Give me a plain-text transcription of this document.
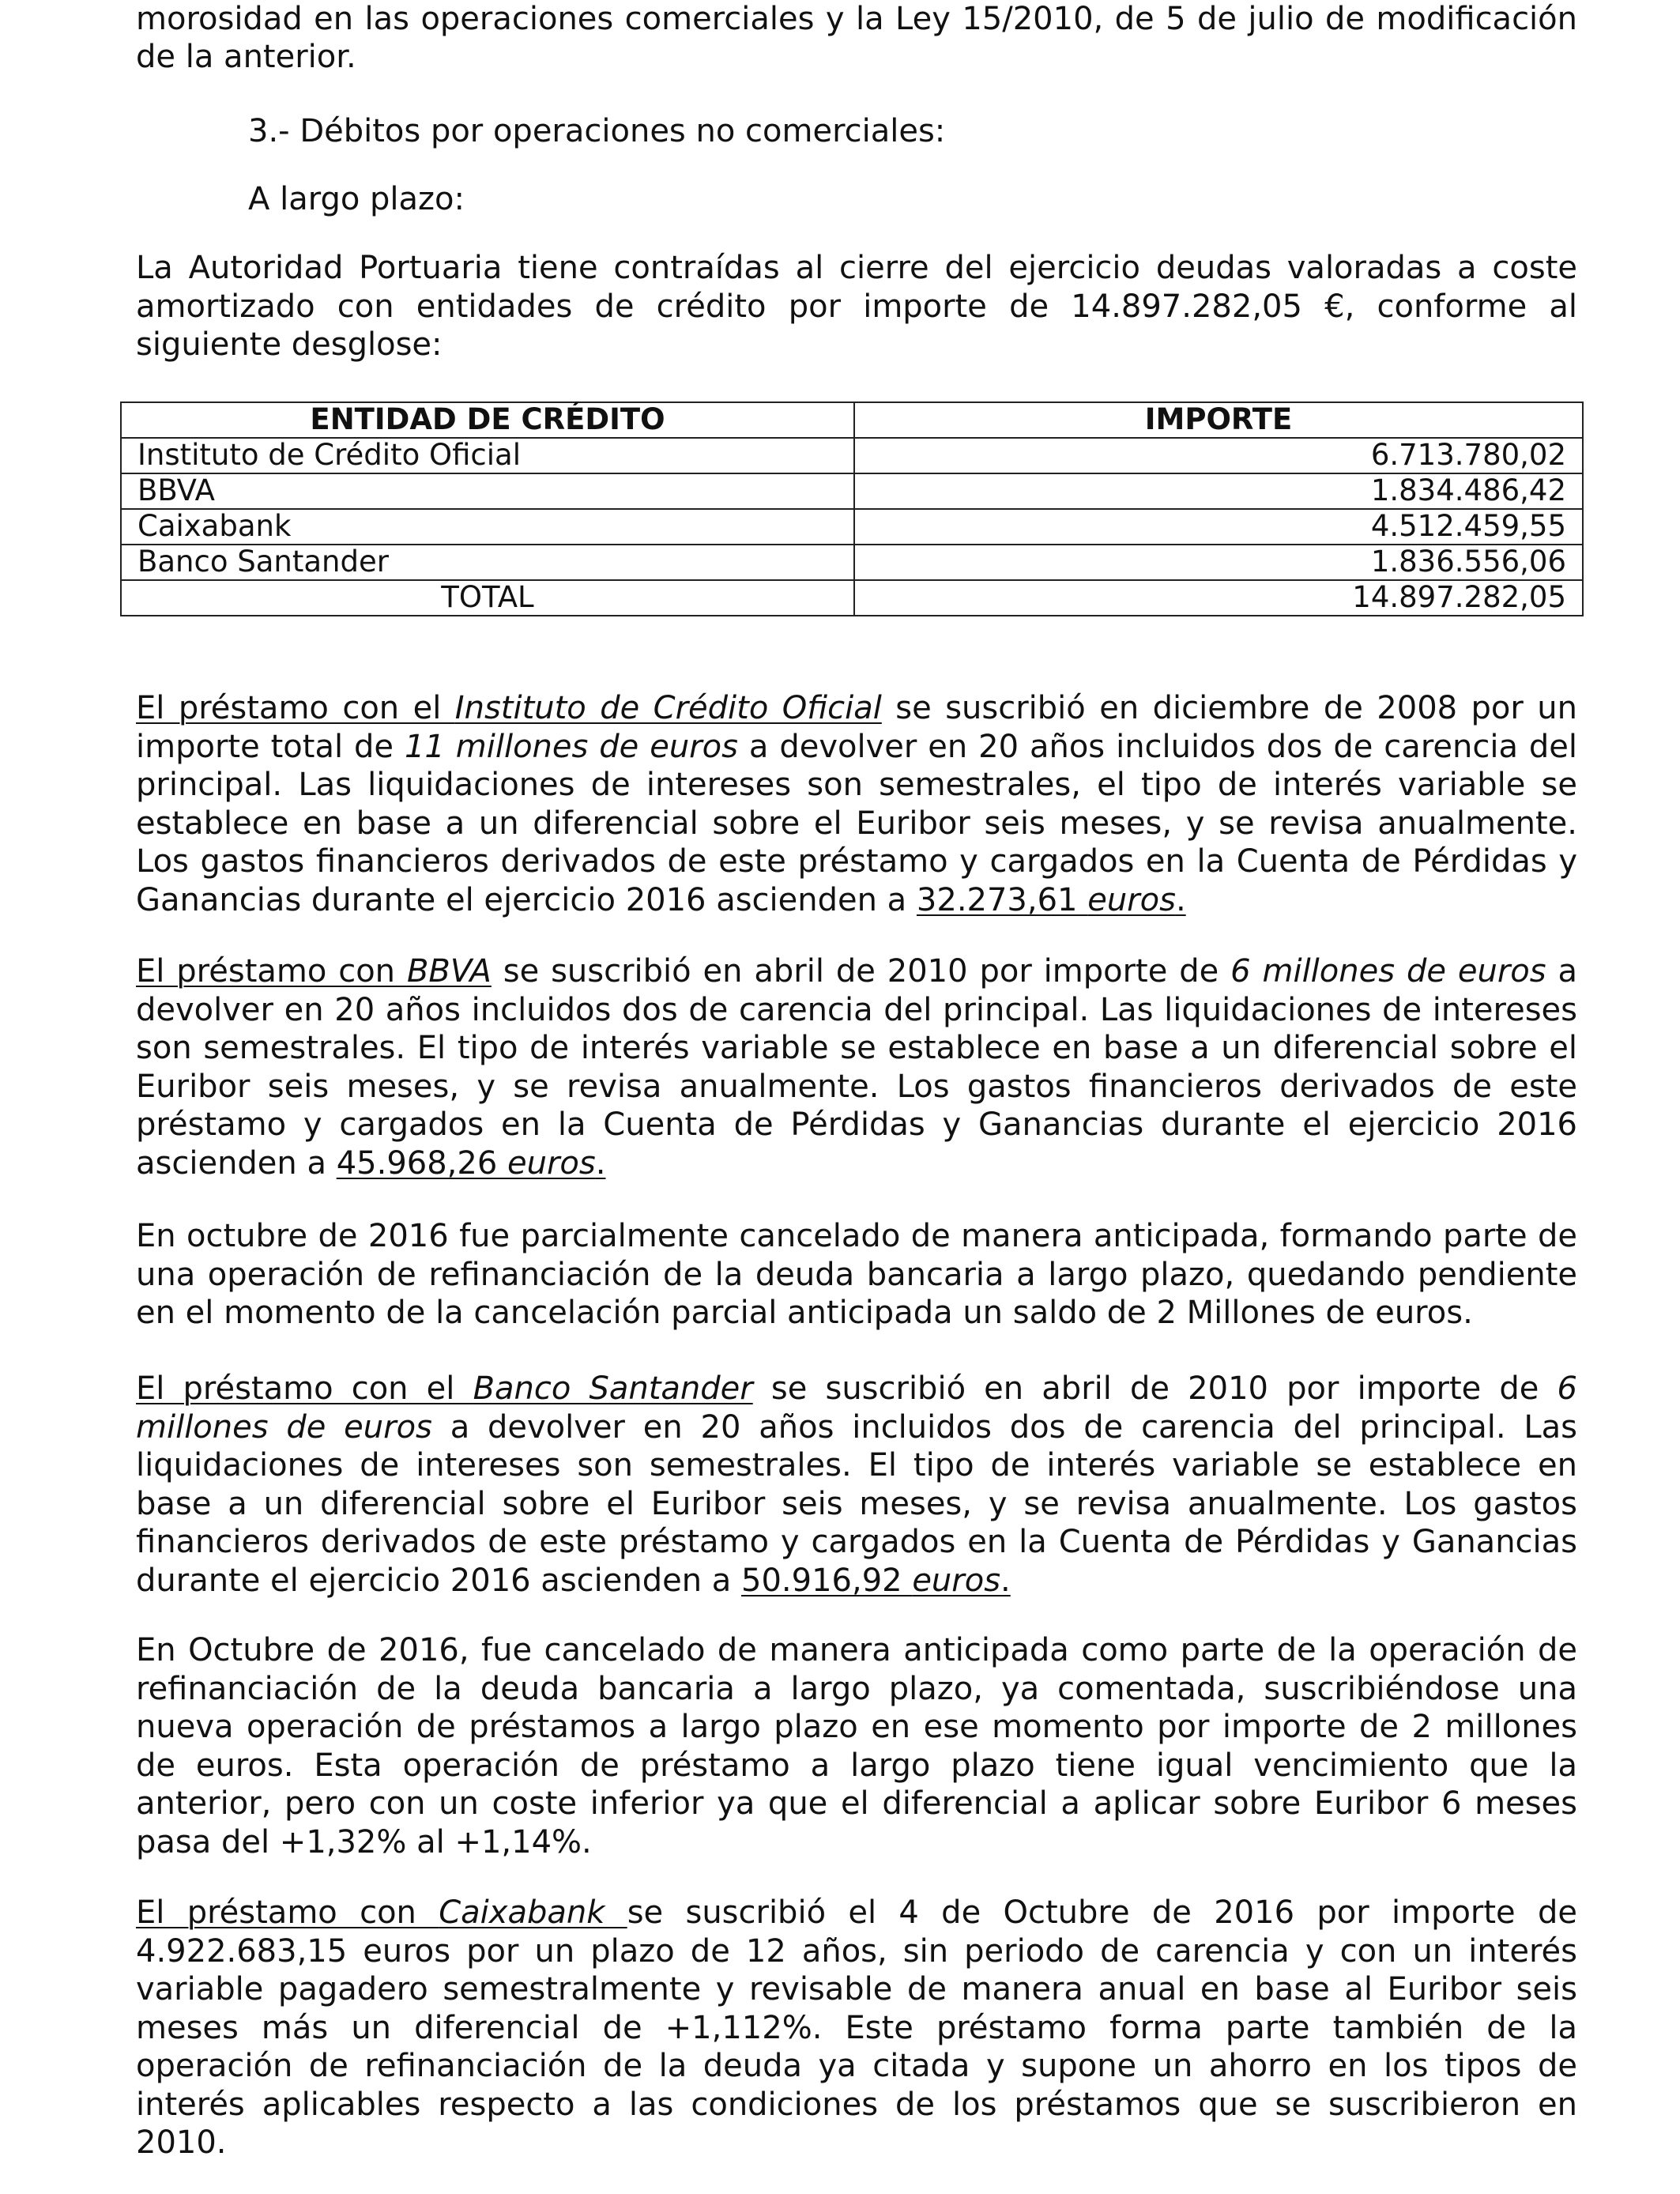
morosidad en las operaciones comerciales y la Ley 15/2010, de 5 de julio de modificación

de la anterior.

3.- Débitos por operaciones no comerciales:

A largo plazo:

La Autoridad Portuaria tiene contraídas al cierre del ejercicio deudas valoradas a coste amortizado con entidades de crédito por importe de 14.897.282,05 €, conforme al siguiente desglose:

El préstamo con el Instituto de Crédito Oficial se suscribió en diciembre de 2008 por un importe total de 11 millones de euros a devolver en 20 años incluidos dos de carencia del principal. Las liquidaciones de intereses son semestrales, el tipo de interés variable se establece en base a un diferencial sobre el Euribor seis meses, y se revisa anualmente. Los gastos financieros derivados de este préstamo y cargados en la Cuenta de Pérdidas y Ganancias durante el ejercicio 2016 ascienden a 32.273,61 euros.

El préstamo con BBVA se suscribió en abril de 2010 por importe de 6 millones de euros a devolver en 20 años incluidos dos de carencia del principal. Las liquidaciones de intereses son semestrales. El tipo de interés variable se establece en base a un diferencial sobre el Euribor seis meses, y se revisa anualmente. Los gastos financieros derivados de este préstamo y cargados en la Cuenta de Pérdidas y Ganancias durante el ejercicio 2016 ascienden a 45.968,26 euros.

En octubre de 2016 fue parcialmente cancelado de manera anticipada, formando parte de una operación de refinanciación de la deuda bancaria a largo plazo, quedando pendiente en el momento de la cancelación parcial anticipada un saldo de 2 Millones de euros.

El préstamo con el Banco Santander se suscribió en abril de 2010 por importe de 6 millones de euros a devolver en 20 años incluidos dos de carencia del principal. Las liquidaciones de intereses son semestrales. El tipo de interés variable se establece en base a un diferencial sobre el Euribor seis meses, y se revisa anualmente. Los gastos financieros derivados de este préstamo y cargados en la Cuenta de Pérdidas y Ganancias durante el ejercicio 2016 ascienden a 50.916,92 euros.

En Octubre de 2016, fue cancelado de manera anticipada como parte de la operación de refinanciación de la deuda bancaria a largo plazo, ya comentada, suscribiéndose una nueva operación de préstamos a largo plazo en ese momento por importe de 2 millones de euros. Esta operación de préstamo a largo plazo tiene igual vencimiento que la anterior, pero con un coste inferior ya que el diferencial a aplicar sobre Euribor 6 meses pasa del +1,32% al +1,14%.

El préstamo con Caixabank se suscribió el 4 de Octubre de 2016 por importe de 4.922.683,15 euros por un plazo de 12 años, sin periodo de carencia y con un interés variable pagadero semestralmente y revisable de manera anual en base al Euribor seis meses más un diferencial de +1,112%. Este préstamo forma parte también de la operación de refinanciación de la deuda ya citada y supone un ahorro en los tipos de interés aplicables respecto a las condiciones de los préstamos que se suscribieron en 2010.

ENTIDAD DE CRÉDITO	IMPORTE
Instituto de Crédito Oficial	6.713.780,02
BBVA	1.834.486,42
Caixabank	4.512.459,55
Banco Santander	1.836.556,06
TOTAL	14.897.282,05
